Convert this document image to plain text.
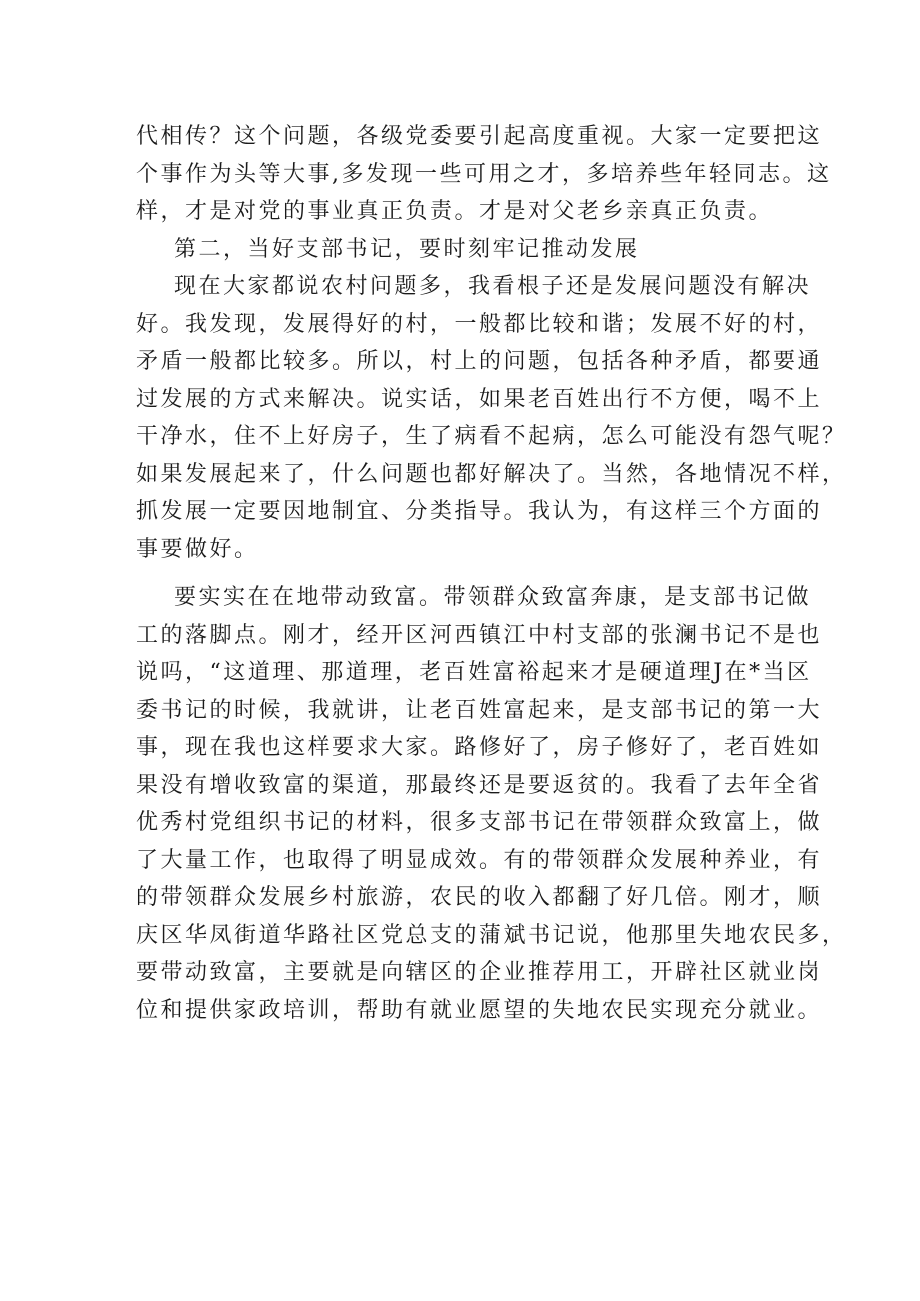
代相传？这个问题，各级党委要引起高度重视。大家一定要把这
个事作为头等大事,多发现一些可用之才，多培养些年轻同志。这
样，才是对党的事业真正负责。才是对父老乡亲真正负责。
第二，当好支部书记，要时刻牢记推动发展
现在大家都说农村问题多，我看根子还是发展问题没有解决
好。我发现，发展得好的村，一般都比较和谐；发展不好的村，
矛盾一般都比较多。所以，村上的问题，包括各种矛盾，都要通
过发展的方式来解决。说实话，如果老百姓出行不方便，喝不上
干净水，住不上好房子，生了病看不起病，怎么可能没有怨气呢？
如果发展起来了，什么问题也都好解决了。当然，各地情况不样，
抓发展一定要因地制宜、分类指导。我认为，有这样三个方面的
事要做好。
要实实在在地带动致富。带领群众致富奔康，是支部书记做
工的落脚点。刚才，经开区河西镇江中村支部的张澜书记不是也
说吗，“这道理、那道理，老百姓富裕起来才是硬道理J在*当区
委书记的时候，我就讲，让老百姓富起来，是支部书记的第一大
事，现在我也这样要求大家。路修好了，房子修好了，老百姓如
果没有增收致富的渠道，那最终还是要返贫的。我看了去年全省
优秀村党组织书记的材料，很多支部书记在带领群众致富上，做
了大量工作，也取得了明显成效。有的带领群众发展种养业，有
的带领群众发展乡村旅游，农民的收入都翻了好几倍。刚才，顺
庆区华凤街道华路社区党总支的蒲斌书记说，他那里失地农民多，
要带动致富，主要就是向辖区的企业推荐用工，开辟社区就业岗
位和提供家政培训，帮助有就业愿望的失地农民实现充分就业。
